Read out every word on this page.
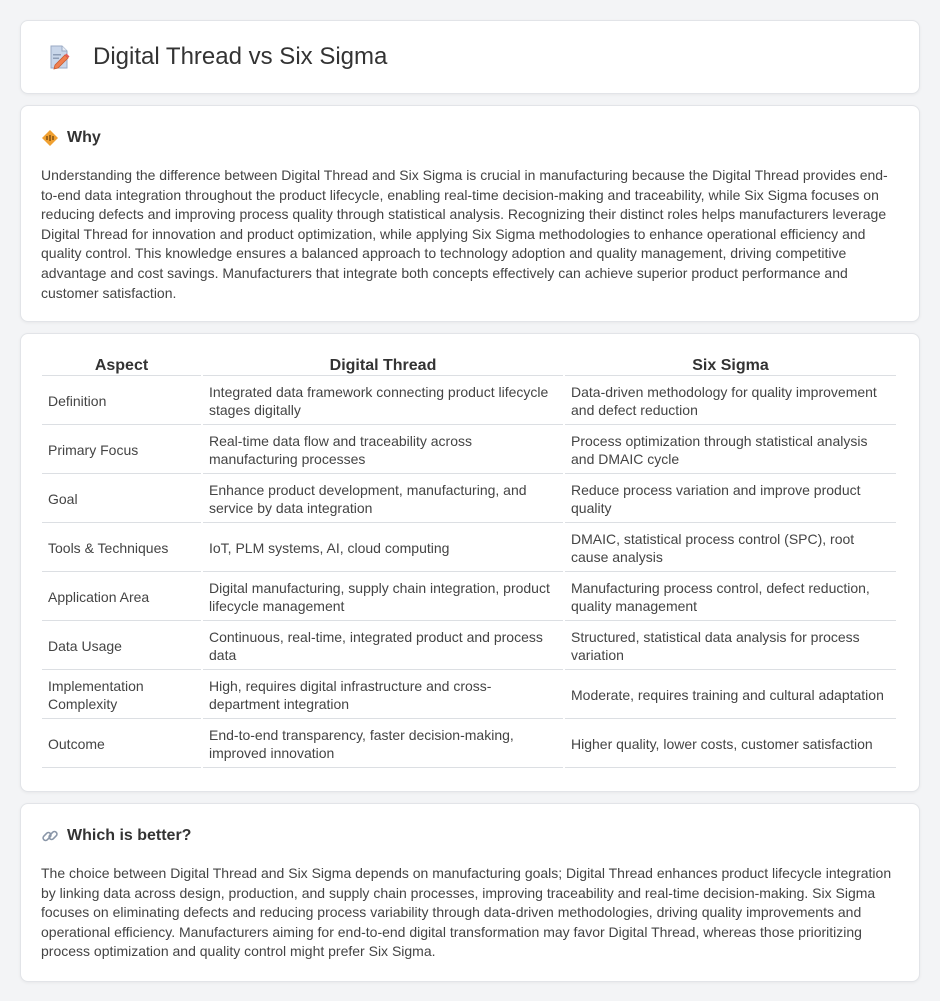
Digital Thread vs Six Sigma
Why

Understanding the difference between Digital Thread and Six Sigma is crucial in manufacturing because the Digital Thread provides end-to-end data integration throughout the product lifecycle, enabling real-time decision-making and traceability, while Six Sigma focuses on reducing defects and improving process quality through statistical analysis. Recognizing their distinct roles helps manufacturers leverage Digital Thread for innovation and product optimization, while applying Six Sigma methodologies to enhance operational efficiency and quality control. This knowledge ensures a balanced approach to technology adoption and quality management, driving competitive advantage and cost savings. Manufacturers that integrate both concepts effectively can achieve superior product performance and customer satisfaction.

Aspect	Digital Thread	Six Sigma
Definition	Integrated data framework connecting product lifecycle stages digitally	Data-driven methodology for quality improvement and defect reduction
Primary Focus	Real-time data flow and traceability across manufacturing processes	Process optimization through statistical analysis and DMAIC cycle
Goal	Enhance product development, manufacturing, and service by data integration	Reduce process variation and improve product quality
Tools & Techniques	IoT, PLM systems, AI, cloud computing	DMAIC, statistical process control (SPC), root cause analysis
Application Area	Digital manufacturing, supply chain integration, product lifecycle management	Manufacturing process control, defect reduction, quality management
Data Usage	Continuous, real-time, integrated product and process data	Structured, statistical data analysis for process variation
Implementation Complexity	High, requires digital infrastructure and cross-department integration	Moderate, requires training and cultural adaptation
Outcome	End-to-end transparency, faster decision-making, improved innovation	Higher quality, lower costs, customer satisfaction
Which is better?

The choice between Digital Thread and Six Sigma depends on manufacturing goals; Digital Thread enhances product lifecycle integration by linking data across design, production, and supply chain processes, improving traceability and real-time decision-making. Six Sigma focuses on eliminating defects and reducing process variability through data-driven methodologies, driving quality improvements and operational efficiency. Manufacturers aiming for end-to-end digital transformation may favor Digital Thread, whereas those prioritizing process optimization and quality control might prefer Six Sigma.
